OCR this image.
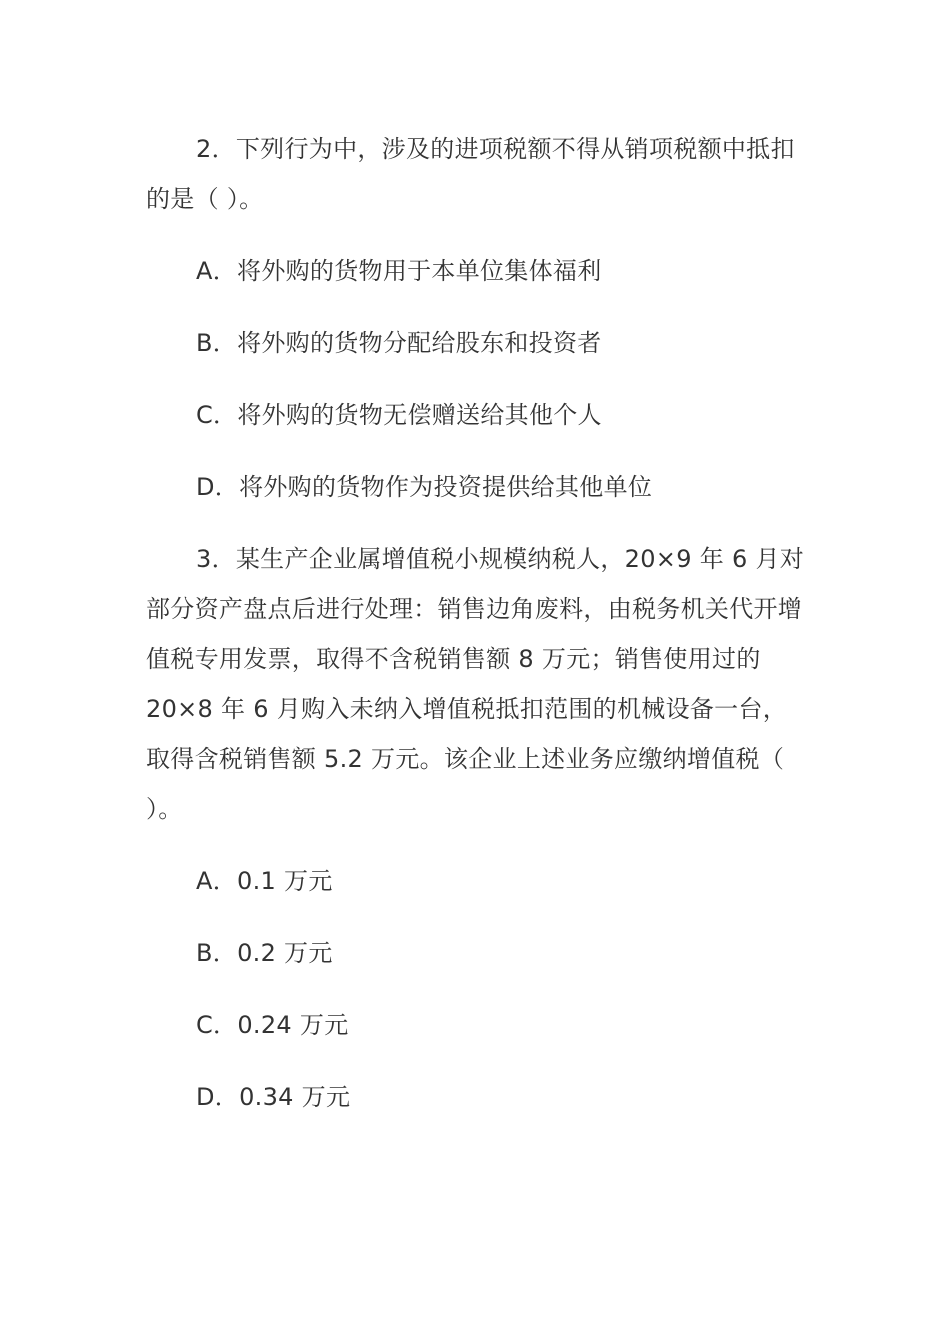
2．下列行为中，涉及的进项税额不得从销项税额中抵扣的是（ ）。

A．将外购的货物用于本单位集体福利

B．将外购的货物分配给股东和投资者

C．将外购的货物无偿赠送给其他个人

D．将外购的货物作为投资提供给其他单位

3．某生产企业属增值税小规模纳税人，20×9 年 6 月对部分资产盘点后进行处理：销售边角废料，由税务机关代开增值税专用发票，取得不含税销售额 8 万元；销售使用过的 20×8 年 6 月购入未纳入增值税抵扣范围的机械设备一台，取得含税销售额 5.2 万元。该企业上述业务应缴纳增值税（ ）。

A．0.1 万元

B．0.2 万元

C．0.24 万元

D．0.34 万元
